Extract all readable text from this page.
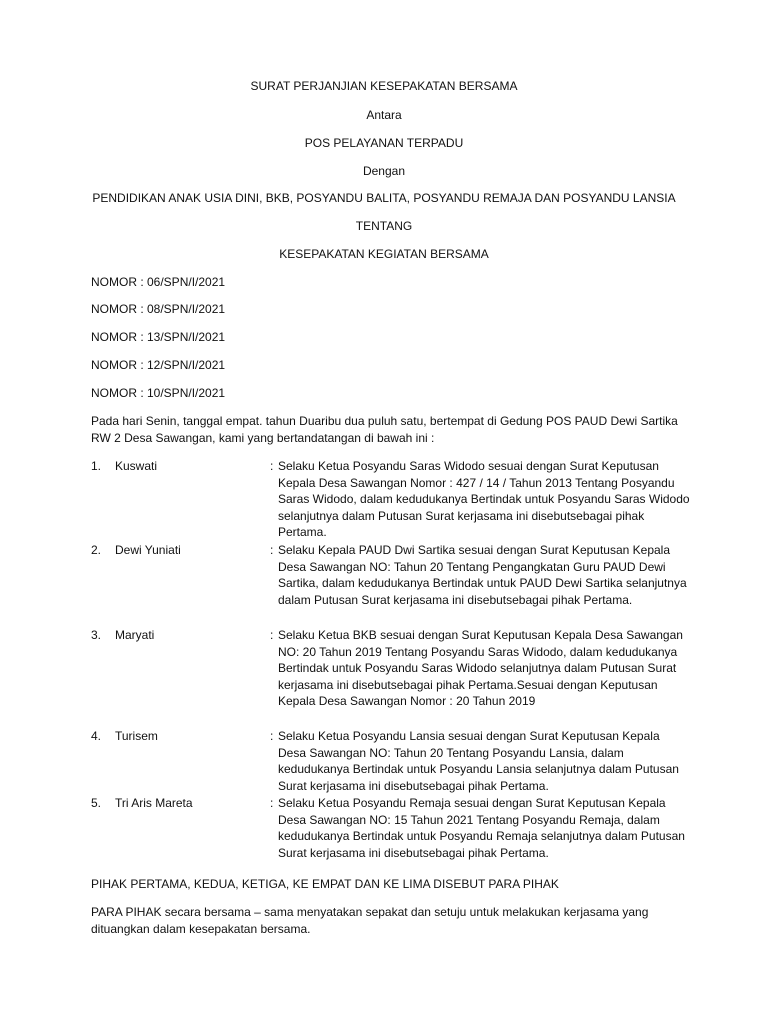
SURAT PERJANJIAN KESEPAKATAN BERSAMA
Antara
POS PELAYANAN TERPADU
Dengan
PENDIDIKAN ANAK USIA DINI, BKB, POSYANDU BALITA, POSYANDU REMAJA DAN POSYANDU LANSIA
TENTANG
KESEPAKATAN KEGIATAN BERSAMA
NOMOR : 06/SPN/I/2021
NOMOR : 08/SPN/I/2021
NOMOR : 13/SPN/I/2021
NOMOR : 12/SPN/I/2021
NOMOR : 10/SPN/I/2021
Pada hari Senin, tanggal empat. tahun Duaribu dua puluh satu, bertempat di Gedung POS PAUD Dewi Sartika RW 2 Desa Sawangan, kami yang bertandatangan di bawah ini :
1. Kuswati	: Selaku Ketua Posyandu Saras Widodo sesuai dengan Surat Keputusan Kepala Desa Sawangan Nomor : 427 / 14 / Tahun 2013 Tentang Posyandu Saras Widodo, dalam kedudukanya Bertindak untuk Posyandu Saras Widodo selanjutnya dalam Putusan Surat kerjasama ini disebutsebagai pihak Pertama.
2. Dewi Yuniati	: Selaku Kepala PAUD Dwi Sartika sesuai dengan Surat Keputusan Kepala Desa Sawangan NO: Tahun 20 Tentang Pengangkatan Guru PAUD Dewi Sartika, dalam kedudukanya Bertindak untuk PAUD Dewi Sartika selanjutnya dalam Putusan Surat kerjasama ini disebutsebagai pihak Pertama.
3. Maryati	: Selaku Ketua BKB sesuai dengan Surat Keputusan Kepala Desa Sawangan NO: 20 Tahun 2019 Tentang Posyandu Saras Widodo, dalam kedudukanya Bertindak untuk Posyandu Saras Widodo selanjutnya dalam Putusan Surat kerjasama ini disebutsebagai pihak Pertama.Sesuai dengan Keputusan Kepala Desa Sawangan Nomor : 20 Tahun 2019
4. Turisem	: Selaku Ketua Posyandu Lansia sesuai dengan Surat Keputusan Kepala Desa Sawangan NO: Tahun 20 Tentang Posyandu Lansia, dalam kedudukanya Bertindak untuk Posyandu Lansia selanjutnya dalam Putusan Surat kerjasama ini disebutsebagai pihak Pertama.
5. Tri Aris Mareta	: Selaku Ketua Posyandu Remaja sesuai dengan Surat Keputusan Kepala Desa Sawangan NO: 15 Tahun 2021 Tentang Posyandu Remaja, dalam kedudukanya Bertindak untuk Posyandu Remaja selanjutnya dalam Putusan Surat kerjasama ini disebutsebagai pihak Pertama.
PIHAK PERTAMA, KEDUA, KETIGA, KE EMPAT DAN KE LIMA DISEBUT PARA PIHAK
PARA PIHAK secara bersama – sama menyatakan sepakat dan setuju untuk melakukan kerjasama yang dituangkan dalam kesepakatan bersama.
